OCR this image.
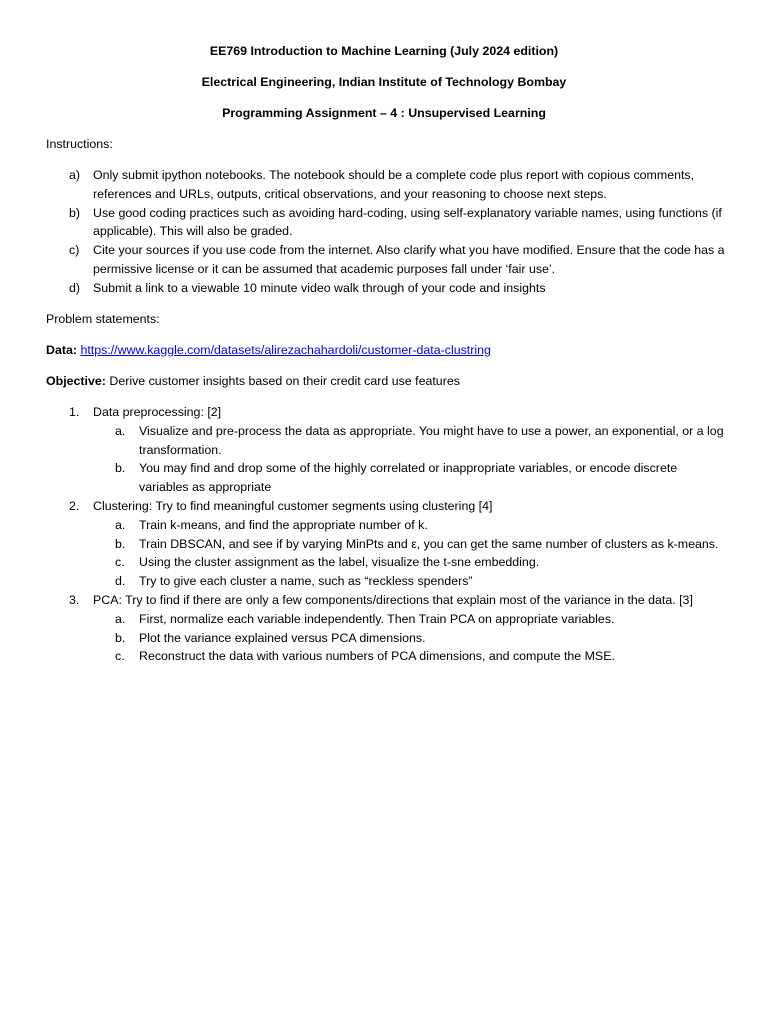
EE769 Introduction to Machine Learning (July 2024 edition)
Electrical Engineering, Indian Institute of Technology Bombay
Programming Assignment – 4 : Unsupervised Learning
Instructions:
a) Only submit ipython notebooks. The notebook should be a complete code plus report with copious comments, references and URLs, outputs, critical observations, and your reasoning to choose next steps.
b) Use good coding practices such as avoiding hard-coding, using self-explanatory variable names, using functions (if applicable). This will also be graded.
c) Cite your sources if you use code from the internet. Also clarify what you have modified. Ensure that the code has a permissive license or it can be assumed that academic purposes fall under ‘fair use’.
d) Submit a link to a viewable 10 minute video walk through of your code and insights
Problem statements:
Data: https://www.kaggle.com/datasets/alirezachahardoli/customer-data-clustring
Objective: Derive customer insights based on their credit card use features
1. Data preprocessing: [2]
a. Visualize and pre-process the data as appropriate. You might have to use a power, an exponential, or a log transformation.
b. You may find and drop some of the highly correlated or inappropriate variables, or encode discrete variables as appropriate
2. Clustering: Try to find meaningful customer segments using clustering [4]
a. Train k-means, and find the appropriate number of k.
b. Train DBSCAN, and see if by varying MinPts and ε, you can get the same number of clusters as k-means.
c. Using the cluster assignment as the label, visualize the t-sne embedding.
d. Try to give each cluster a name, such as “reckless spenders”
3. PCA: Try to find if there are only a few components/directions that explain most of the variance in the data. [3]
a. First, normalize each variable independently. Then Train PCA on appropriate variables.
b. Plot the variance explained versus PCA dimensions.
c. Reconstruct the data with various numbers of PCA dimensions, and compute the MSE.
